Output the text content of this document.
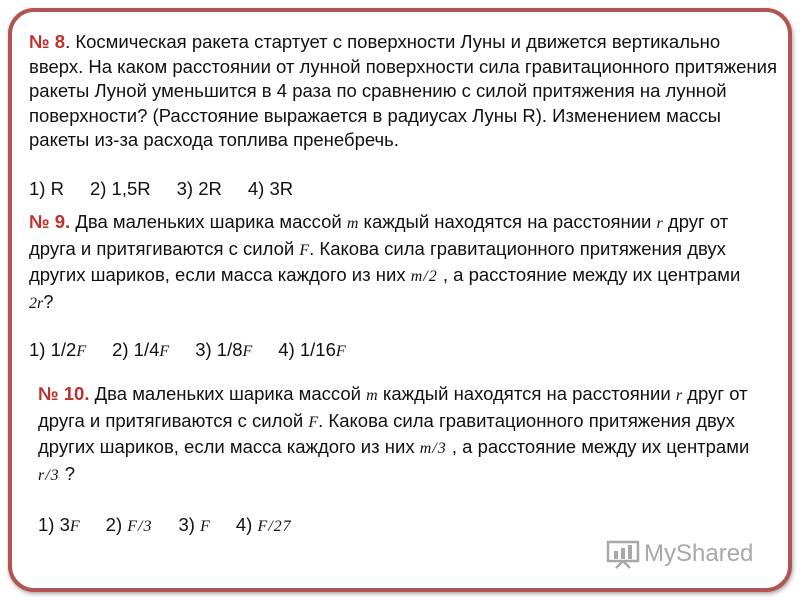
№ 8. Космическая ракета стартует с поверхности Луны и движется вертикально вверх. На каком расстоянии от лунной поверхности сила гравитационного притяжения ракеты Луной уменьшится в 4 раза по сравнению с силой притяжения на лунной поверхности? (Расстояние выражается в радиусах Луны R). Изменением массы ракеты из-за расхода топлива пренебречь.
1) R 2) 1,5R 3) 2R 4) 3R
№ 9. Два маленьких шарика массой m каждый находятся на расстоянии r друг от друга и притягиваются с силой F. Какова сила гравитационного притяжения двух других шариков, если масса каждого из них m/2 , а расстояние между их центрами 2r?
1) 1/2F 2) 1/4F 3) 1/8F 4) 1/16F
№ 10. Два маленьких шарика массой m каждый находятся на расстоянии r друг от друга и притягиваются с силой F. Какова сила гравитационного притяжения двух других шариков, если масса каждого из них m/3 , а расстояние между их центрами r/3 ?
1) 3F 2) F/3 3) F 4) F/27
MyShared
